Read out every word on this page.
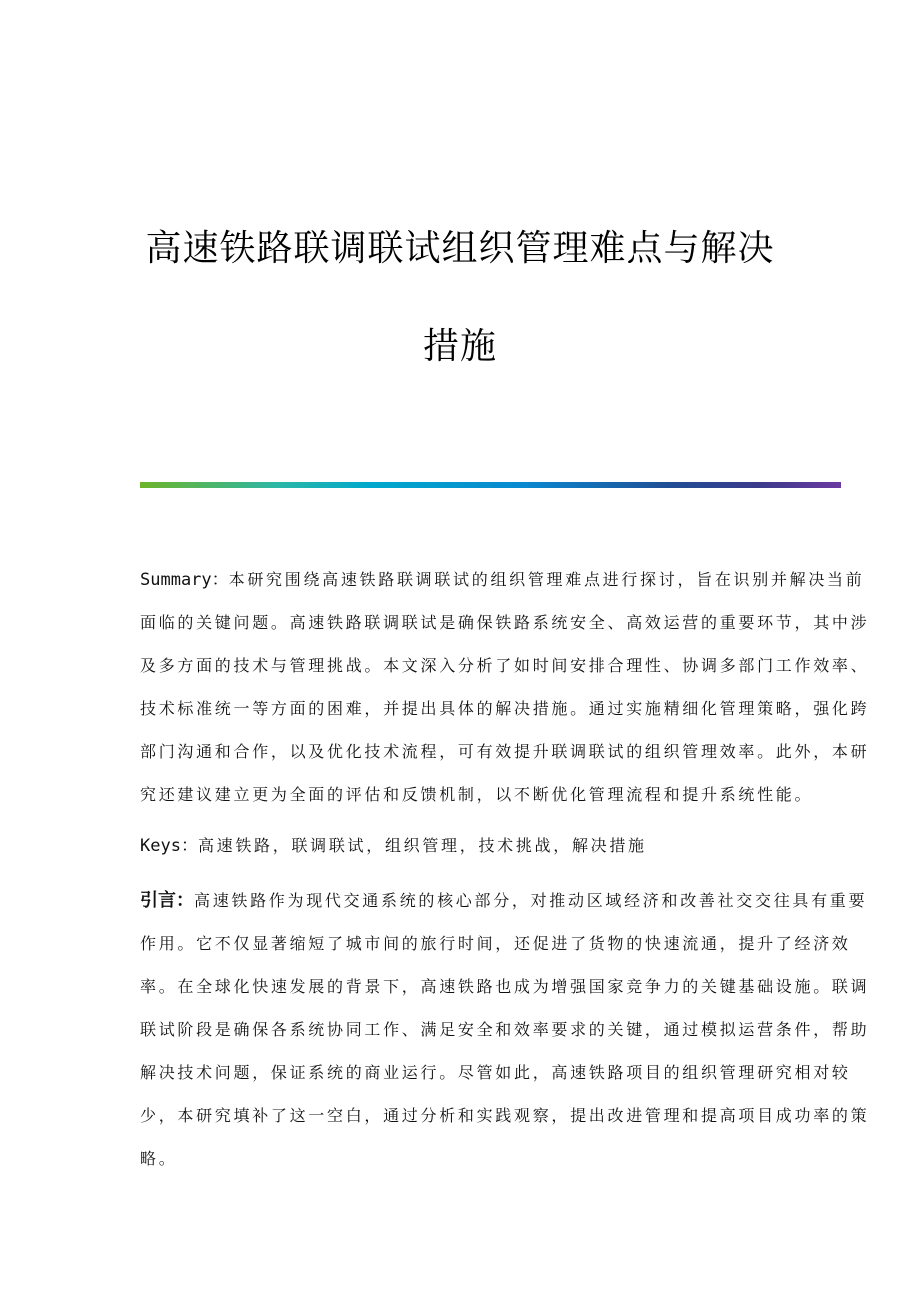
高速铁路联调联试组织管理难点与解决
措施
Summary：本研究围绕高速铁路联调联试的组织管理难点进行探讨，旨在识别并解决当前
面临的关键问题。高速铁路联调联试是确保铁路系统安全、高效运营的重要环节，其中涉
及多方面的技术与管理挑战。本文深入分析了如时间安排合理性、协调多部门工作效率、
技术标准统一等方面的困难，并提出具体的解决措施。通过实施精细化管理策略，强化跨
部门沟通和合作，以及优化技术流程，可有效提升联调联试的组织管理效率。此外，本研
究还建议建立更为全面的评估和反馈机制，以不断优化管理流程和提升系统性能。
Keys：高速铁路，联调联试，组织管理，技术挑战，解决措施
引言：高速铁路作为现代交通系统的核心部分，对推动区域经济和改善社交交往具有重要
作用。它不仅显著缩短了城市间的旅行时间，还促进了货物的快速流通，提升了经济效
率。在全球化快速发展的背景下，高速铁路也成为增强国家竞争力的关键基础设施。联调
联试阶段是确保各系统协同工作、满足安全和效率要求的关键，通过模拟运营条件，帮助
解决技术问题，保证系统的商业运行。尽管如此，高速铁路项目的组织管理研究相对较
少，本研究填补了这一空白，通过分析和实践观察，提出改进管理和提高项目成功率的策
略。
